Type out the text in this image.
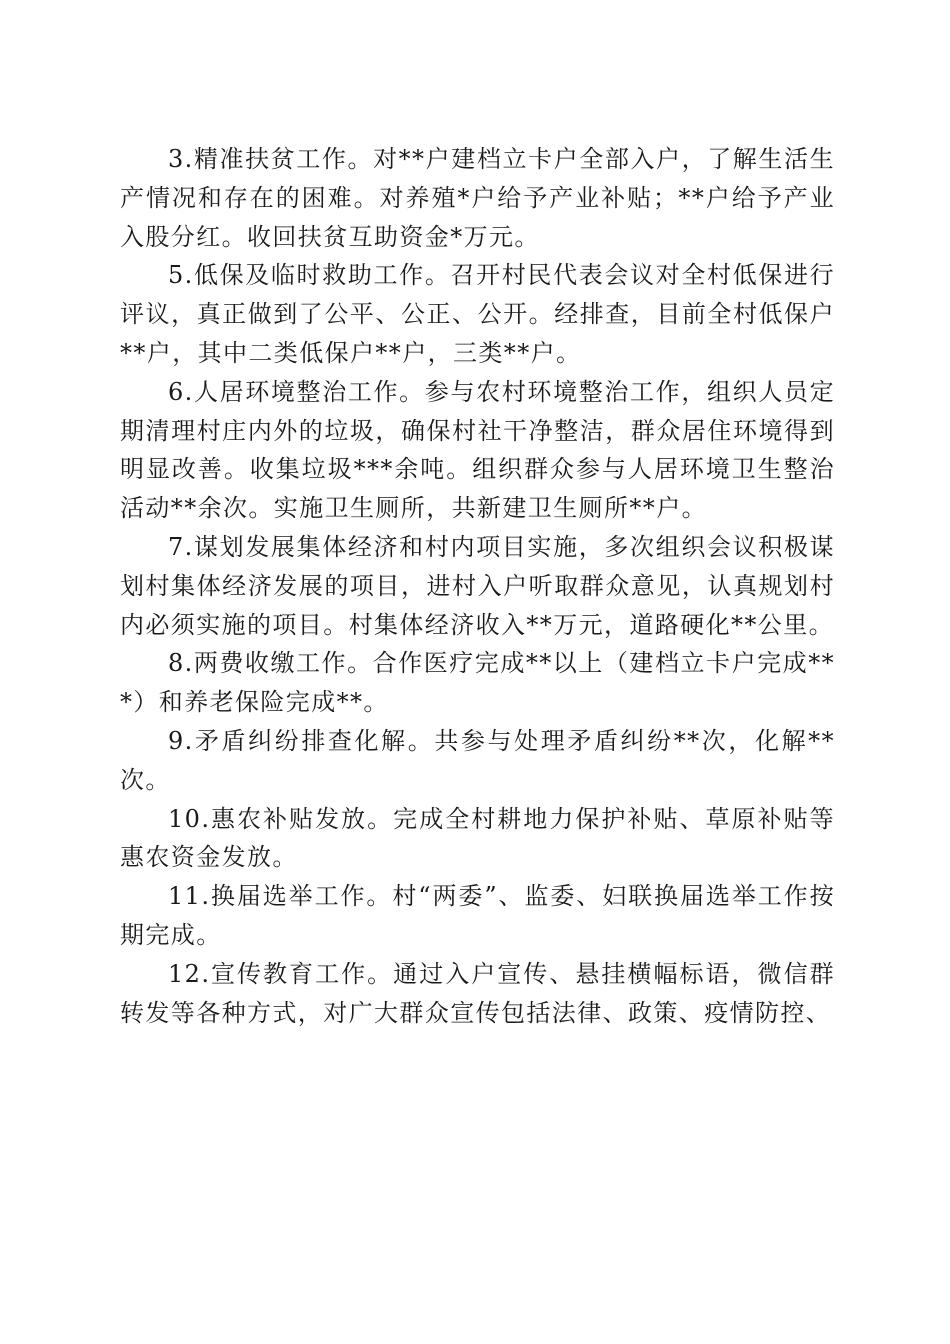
3.精准扶贫工作。对**户建档立卡户全部入户，了解生活生产情况和存在的困难。对养殖*户给予产业补贴；**户给予产业入股分红。收回扶贫互助资金*万元。

5.低保及临时救助工作。召开村民代表会议对全村低保进行评议，真正做到了公平、公正、公开。经排查，目前全村低保户**户，其中二类低保户**户，三类**户。

6.人居环境整治工作。参与农村环境整治工作，组织人员定期清理村庄内外的垃圾，确保村社干净整洁，群众居住环境得到明显改善。收集垃圾***余吨。组织群众参与人居环境卫生整治活动**余次。实施卫生厕所，共新建卫生厕所**户。

7.谋划发展集体经济和村内项目实施，多次组织会议积极谋划村集体经济发展的项目，进村入户听取群众意见，认真规划村内必须实施的项目。村集体经济收入**万元，道路硬化**公里。

8.两费收缴工作。合作医疗完成**以上（建档立卡户完成***）和养老保险完成**。

9.矛盾纠纷排查化解。共参与处理矛盾纠纷**次，化解**次。

10.惠农补贴发放。完成全村耕地力保护补贴、草原补贴等惠农资金发放。

11.换届选举工作。村“两委”、监委、妇联换届选举工作按期完成。

12.宣传教育工作。通过入户宣传、悬挂横幅标语，微信群转发等各种方式，对广大群众宣传包括法律、政策、疫情防控、
